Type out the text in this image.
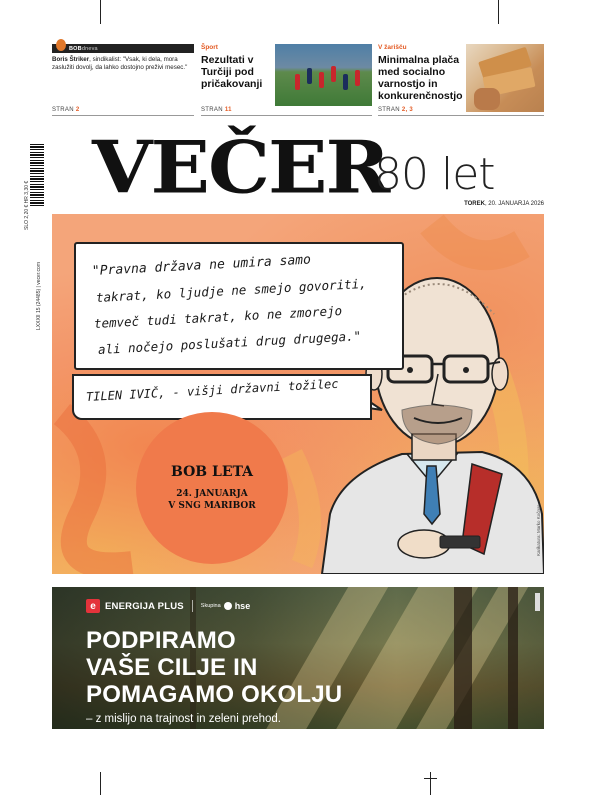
BOB dneva
Boris Štriker, sindikalist: "Vsak, ki dela, mora zaslužiti dovolj, da lahko dostojno preživi mesec."
STRAN 2
Šport
Rezultati v Turčiji pod pričakovanji
STRAN 11
V žarišču
Minimalna plača med socialno varnostjo in konkurenčnostjo
STRAN 2, 3
SLO 2,20 € HR 3,30 €
LXXXII 15 (24485) | vecer.com
VEČER
80 let
TOREK, 20. JANUARJA 2026
"Pravna država ne umira samo
takrat, ko ljudje ne smejo govoriti,
temveč tudi takrat, ko ne zmorejo
ali nočejo poslušati drug drugega."
TILEN IVIČ, - višji državni tožilec
BOB LETA
24. JANUARJA
V SNG MARIBOR	Karikatura: Marko Kočnar
e ENERGIJA PLUS	Skupina hse
PODPIRAMO
VAŠE CILJE IN
POMAGAMO OKOLJU
– z mislijo na trajnost in zeleni prehod.
